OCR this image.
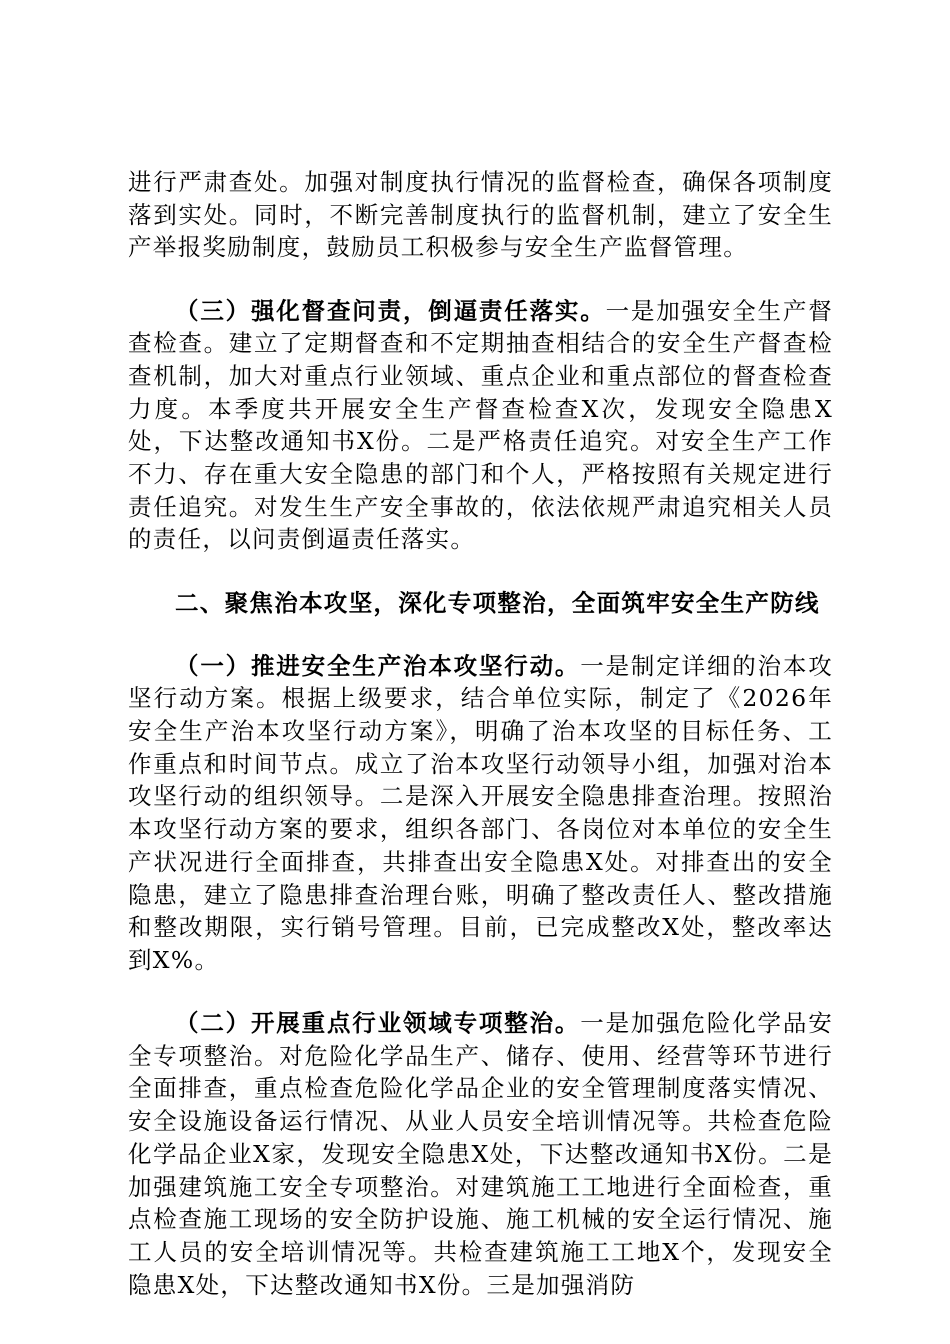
进行严肃查处。加强对制度执行情况的监督检查，确保各项制度落到实处。同时，不断完善制度执行的监督机制，建立了安全生产举报奖励制度，鼓励员工积极参与安全生产监督管理。

（三）强化督查问责，倒逼责任落实。一是加强安全生产督查检查。建立了定期督查和不定期抽查相结合的安全生产督查检查机制，加大对重点行业领域、重点企业和重点部位的督查检查力度。本季度共开展安全生产督查检查X次，发现安全隐患X处，下达整改通知书X份。二是严格责任追究。对安全生产工作不力、存在重大安全隐患的部门和个人，严格按照有关规定进行责任追究。对发生生产安全事故的，依法依规严肃追究相关人员的责任，以问责倒逼责任落实。

二、聚焦治本攻坚，深化专项整治，全面筑牢安全生产防线

（一）推进安全生产治本攻坚行动。一是制定详细的治本攻坚行动方案。根据上级要求，结合单位实际，制定了《2026年安全生产治本攻坚行动方案》，明确了治本攻坚的目标任务、工作重点和时间节点。成立了治本攻坚行动领导小组，加强对治本攻坚行动的组织领导。二是深入开展安全隐患排查治理。按照治本攻坚行动方案的要求，组织各部门、各岗位对本单位的安全生产状况进行全面排查，共排查出安全隐患X处。对排查出的安全隐患，建立了隐患排查治理台账，明确了整改责任人、整改措施和整改期限，实行销号管理。目前，已完成整改X处，整改率达到X%。

（二）开展重点行业领域专项整治。一是加强危险化学品安全专项整治。对危险化学品生产、储存、使用、经营等环节进行全面排查，重点检查危险化学品企业的安全管理制度落实情况、安全设施设备运行情况、从业人员安全培训情况等。共检查危险化学品企业X家，发现安全隐患X处，下达整改通知书X份。二是加强建筑施工安全专项整治。对建筑施工工地进行全面检查，重点检查施工现场的安全防护设施、施工机械的安全运行情况、施工人员的安全培训情况等。共检查建筑施工工地X个，发现安全隐患X处，下达整改通知书X份。三是加强消防
